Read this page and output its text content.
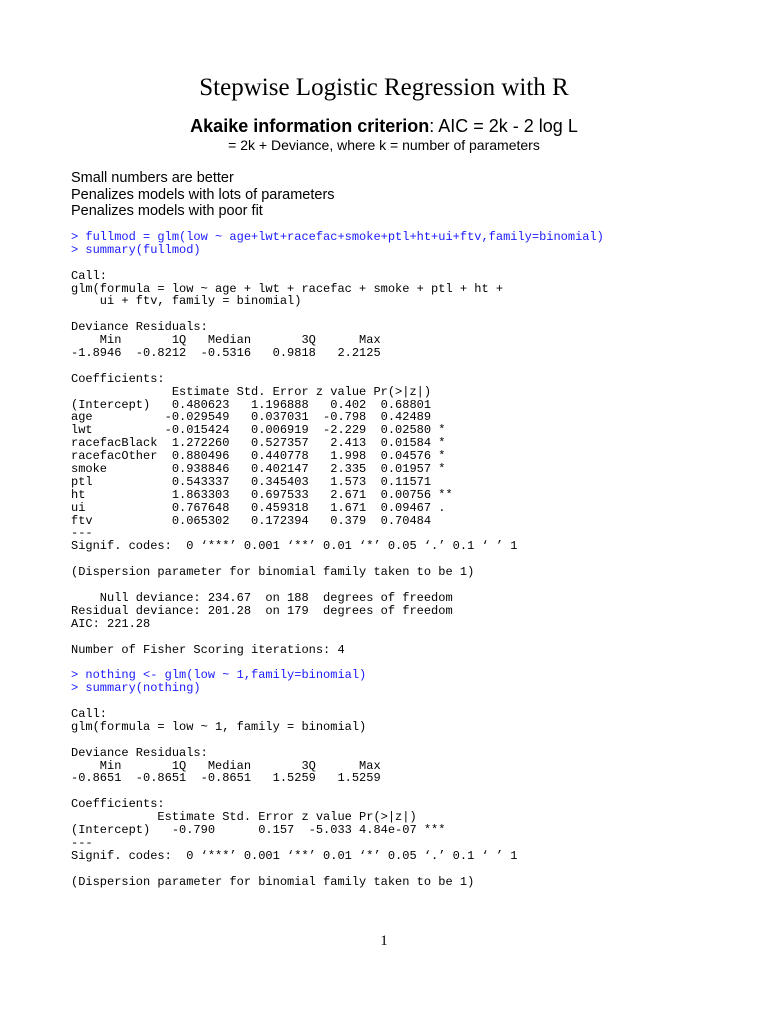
Stepwise Logistic Regression with R
Akaike information criterion: AIC = 2k - 2 log L
= 2k + Deviance, where k = number of parameters
Small numbers are better
Penalizes models with lots of parameters
Penalizes models with poor fit
> fullmod = glm(low ~ age+lwt+racefac+smoke+ptl+ht+ui+ftv,family=binomial)
> summary(fullmod)
Call:
glm(formula = low ~ age + lwt + racefac + smoke + ptl + ht +
ui + ftv, family = binomial)
Deviance Residuals:
Min       1Q   Median       3Q      Max
-1.8946  -0.8212  -0.5316   0.9818   2.2125
Coefficients:
Estimate Std. Error z value Pr(>|z|)
(Intercept)   0.480623   1.196888   0.402  0.68801
age          -0.029549   0.037031  -0.798  0.42489
lwt          -0.015424   0.006919  -2.229  0.02580 *
racefacBlack  1.272260   0.527357   2.413  0.01584 *
racefacOther  0.880496   0.440778   1.998  0.04576 *
smoke         0.938846   0.402147   2.335  0.01957 *
ptl           0.543337   0.345403   1.573  0.11571
ht            1.863303   0.697533   2.671  0.00756 **
ui            0.767648   0.459318   1.671  0.09467 .
ftv           0.065302   0.172394   0.379  0.70484
---
Signif. codes:  0 ‘***’ 0.001 ‘**’ 0.01 ‘*’ 0.05 ‘.’ 0.1 ‘ ’ 1
(Dispersion parameter for binomial family taken to be 1)
Null deviance: 234.67  on 188  degrees of freedom
Residual deviance: 201.28  on 179  degrees of freedom
AIC: 221.28
Number of Fisher Scoring iterations: 4
> nothing <- glm(low ~ 1,family=binomial)
> summary(nothing)
Call:
glm(formula = low ~ 1, family = binomial)
Deviance Residuals:
Min       1Q   Median       3Q      Max
-0.8651  -0.8651  -0.8651   1.5259   1.5259
Coefficients:
Estimate Std. Error z value Pr(>|z|)
(Intercept)   -0.790      0.157  -5.033 4.84e-07 ***
---
Signif. codes:  0 ‘***’ 0.001 ‘**’ 0.01 ‘*’ 0.05 ‘.’ 0.1 ‘ ’ 1
(Dispersion parameter for binomial family taken to be 1)
1
